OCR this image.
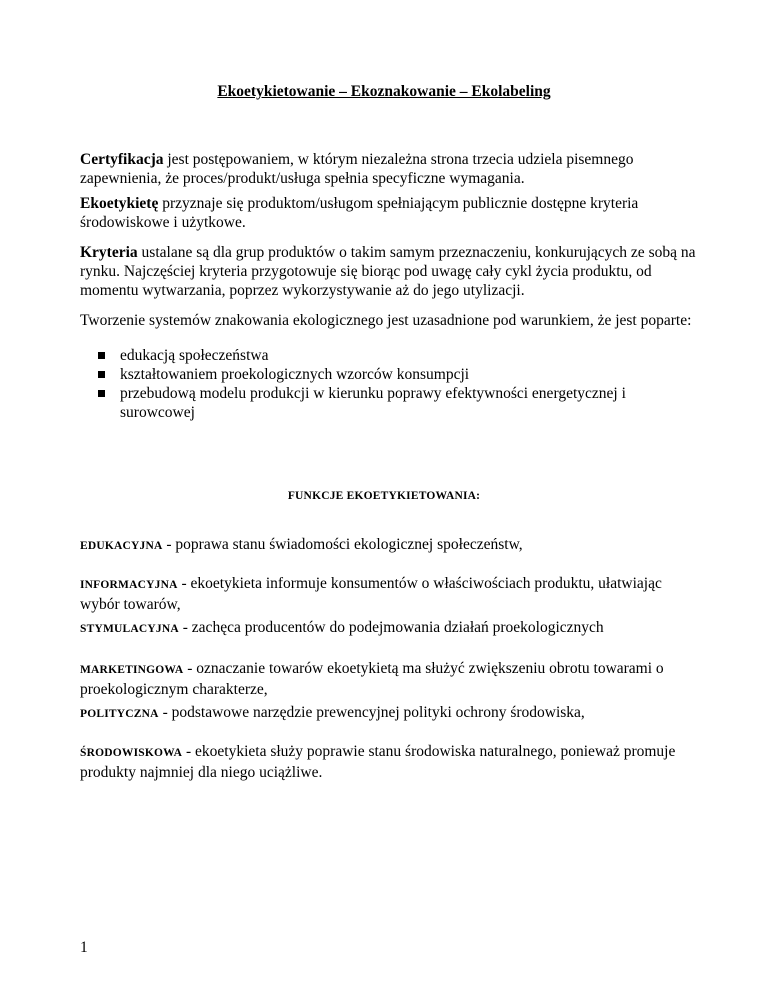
Ekoetykietowanie – Ekoznakowanie – Ekolabeling

Certyfikacja jest postępowaniem, w którym niezależna strona trzecia udziela pisemnego zapewnienia, że proces/produkt/usługa spełnia specyficzne wymagania.

Ekoetykietę przyznaje się produktom/usługom spełniającym publicznie dostępne kryteria środowiskowe i użytkowe.

Kryteria ustalane są dla grup produktów o takim samym przeznaczeniu, konkurujących ze sobą na rynku. Najczęściej kryteria przygotowuje się biorąc pod uwagę cały cykl życia produktu, od momentu wytwarzania, poprzez wykorzystywanie aż do jego utylizacji.

Tworzenie systemów znakowania ekologicznego jest uzasadnione pod warunkiem, że jest poparte:

edukacją społeczeństwa
kształtowaniem proekologicznych wzorców konsumpcji
przebudową modelu produkcji w kierunku poprawy efektywności energetycznej i surowcowej
FUNKCJE EKOETYKIETOWANIA:

EDUKACYJNA - poprawa stanu świadomości ekologicznej społeczeństw,

INFORMACYJNA - ekoetykieta informuje konsumentów o właściwościach produktu, ułatwiając wybór towarów,

STYMULACYJNA - zachęca producentów do podejmowania działań proekologicznych

MARKETINGOWA - oznaczanie towarów ekoetykietą ma służyć zwiększeniu obrotu towarami o proekologicznym charakterze,

POLITYCZNA - podstawowe narzędzie prewencyjnej polityki ochrony środowiska,

ŚRODOWISKOWA - ekoetykieta służy poprawie stanu środowiska naturalnego, ponieważ promuje produkty najmniej dla niego uciążliwe.

1
